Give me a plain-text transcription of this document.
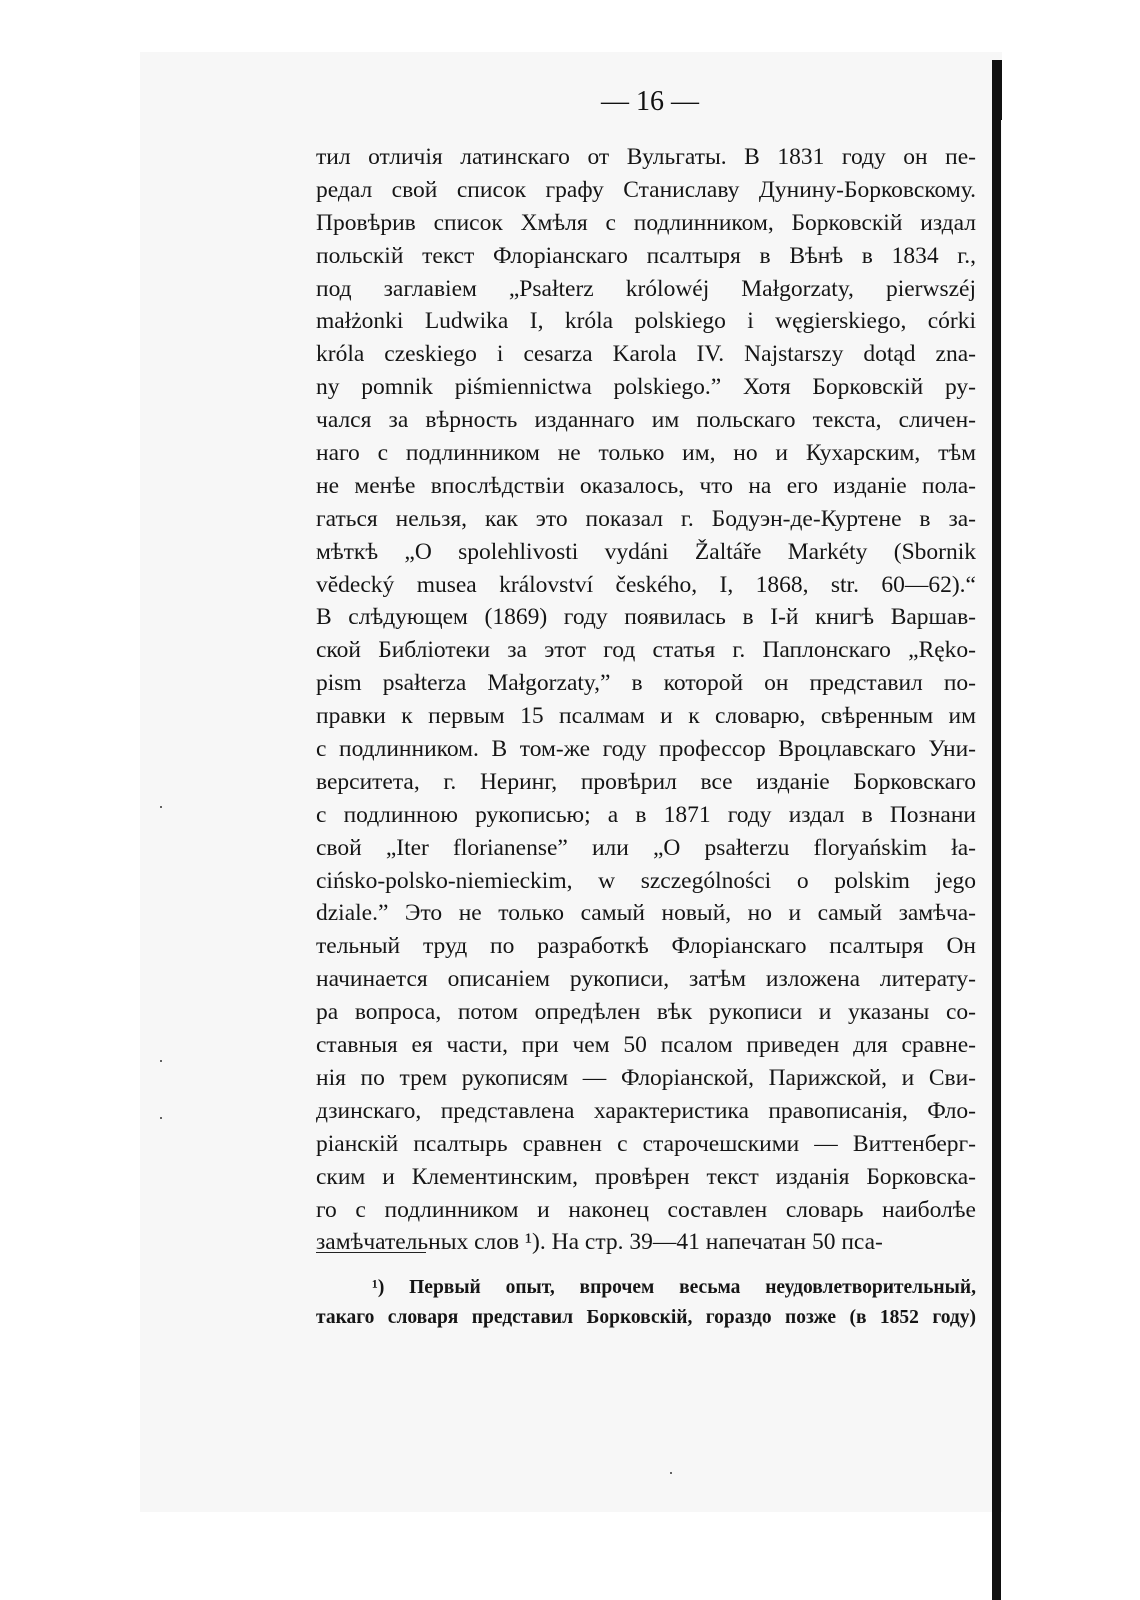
— 16 —
тил отличія латинскаго от Вульгаты. В 1831 году он пе-
редал свой список графу Станиславу Дунину-Борковскому.
Провѣрив список Хмѣля с подлинником, Борковскій издал
польскій текст Флоріанскаго псалтыря в Вѣнѣ в 1834 г.,
под заглавіем „Psałterz królowéj Małgorzaty, pierwszéj
małżonki Ludwika I, króla polskiego i węgierskiego, córki
króla czeskiego i cesarza Karola IV. Najstarszy dotąd zna-
ny pomnik piśmiennictwa polskiego.” Хотя Борковскій ру-
чался за вѣрность изданнаго им польскаго текста, сличен-
наго с подлинником не только им, но и Кухарским, тѣм
не менѣе впослѣдствіи оказалось, что на его изданіе пола-
гаться нельзя, как это показал г. Бодуэн-де-Куртене в за-
мѣткѣ „O spolehlivosti vydáni Žaltáře Markéty (Sbornik
vĕdecký musea království českého, I, 1868, str. 60—62).“
В слѣдующем (1869) году появилась в I-й книгѣ Варшав-
ской Библіотеки за этот год статья г. Паплонскаго „Ręko-
pism psałterza Małgorzaty,” в которой он представил по-
правки к первым 15 псалмам и к словарю, свѣренным им
с подлинником. В том-же году профессор Вроцлавскаго Уни-
верситета, г. Неринг, провѣрил все изданіе Борковскаго
с подлинною рукописью; а в 1871 году издал в Познани
свой „Iter florianense” или „O psałterzu floryańskim ła-
cińsko-polsko-niemieckim, w szczególności o polskim jego
dziale.” Это не только самый новый, но и самый замѣча-
тельный труд по разработкѣ Флоріанскаго псалтыря Он
начинается описаніем рукописи, затѣм изложена литерату-
ра вопроса, потом опредѣлен вѣк рукописи и указаны со-
ставныя ея части, при чем 50 псалом приведен для сравне-
нія по трем рукописям — Флоріанской, Парижской, и Сви-
дзинскаго, представлена характеристика правописанія, Фло-
ріанскій псалтырь сравнен с старочешскими — Виттенберг-
ским и Клементинским, провѣрен текст изданія Борковска-
го с подлинником и наконец составлен словарь наиболѣе
замѣчательных слов ¹). На стр. 39—41 напечатан 50 пса-
¹) Первый опыт, впрочем весьма неудовлетворительный,
такаго словаря представил Борковскій, гораздо позже (в 1852 году)
